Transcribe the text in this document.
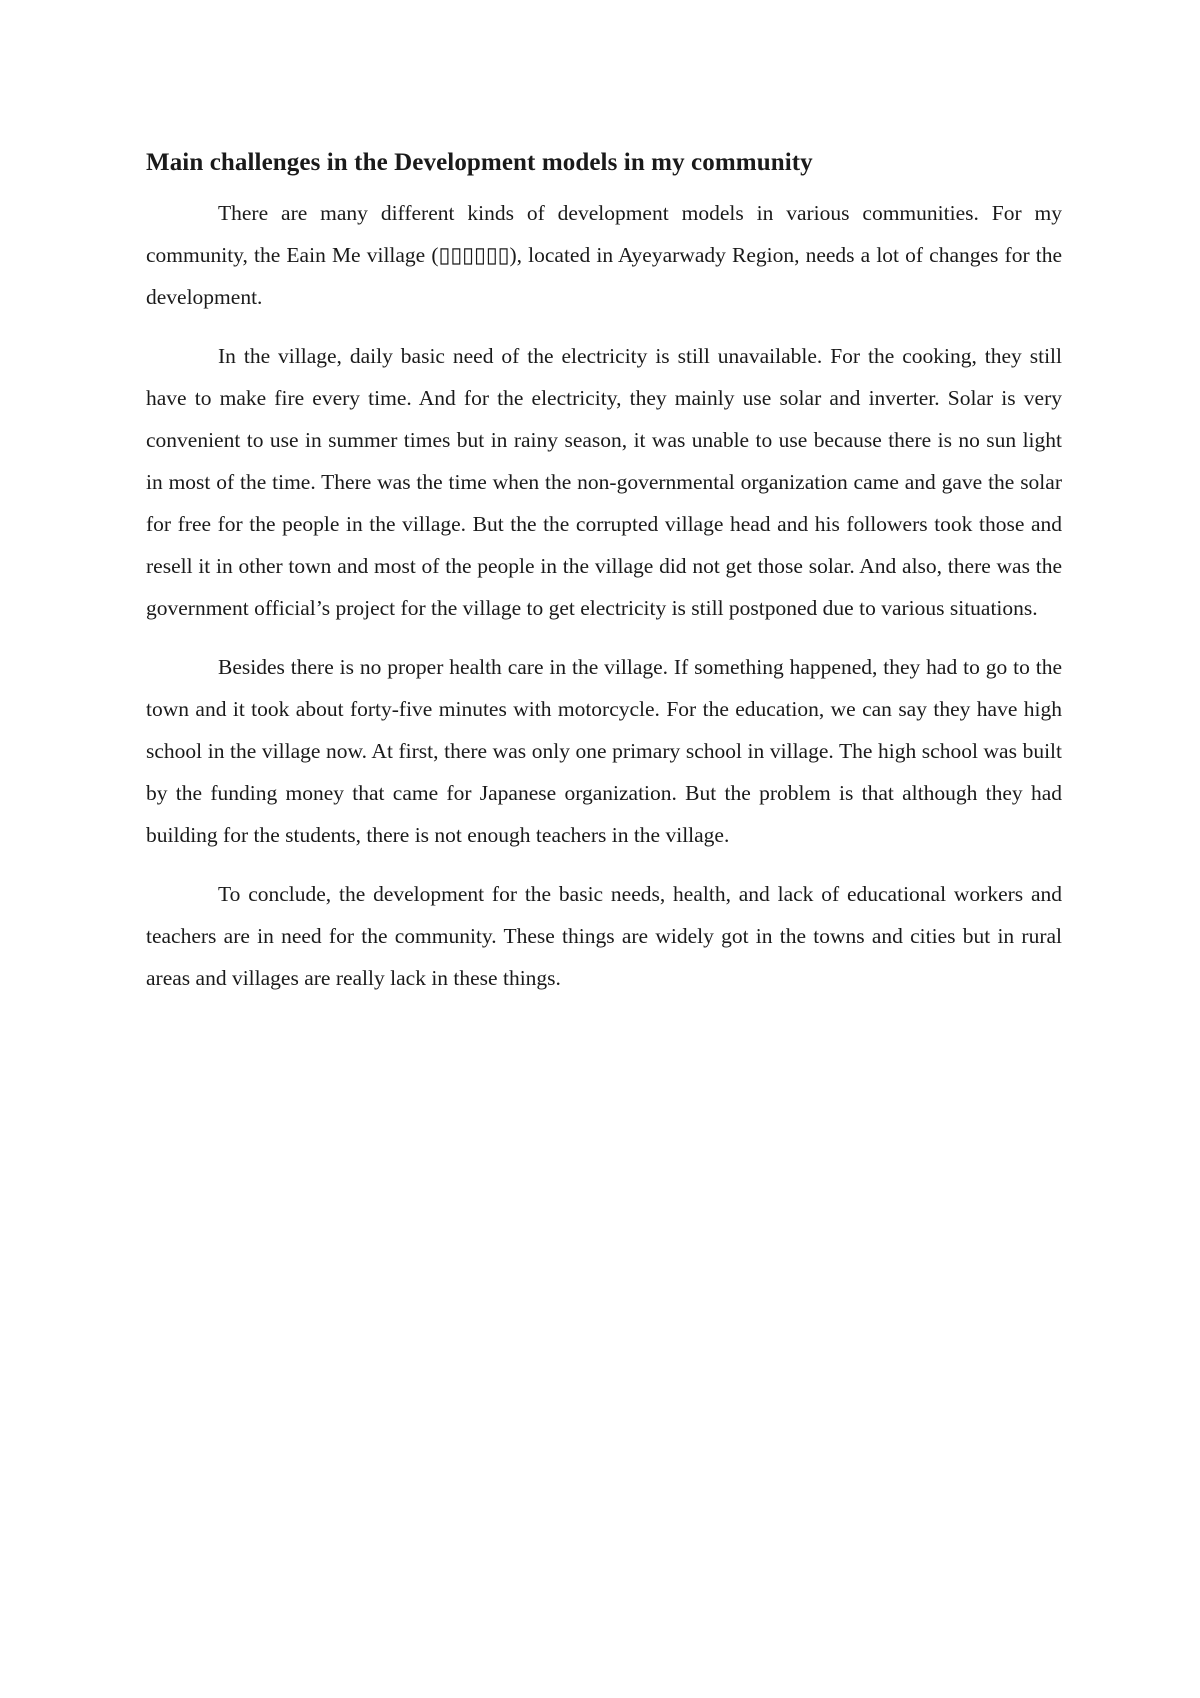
Main challenges in the Development models in my community

There are many different kinds of development models in various communities. For my community, the Eain Me village (▯▯▯▯▯▯), located in Ayeyarwady Region, needs a lot of changes for the development.

In the village, daily basic need of the electricity is still unavailable. For the cooking, they still have to make fire every time. And for the electricity, they mainly use solar and inverter. Solar is very convenient to use in summer times but in rainy season, it was unable to use because there is no sun light in most of the time. There was the time when the non-governmental organization came and gave the solar for free for the people in the village. But the the corrupted village head and his followers took those and resell it in other town and most of the people in the village did not get those solar. And also, there was the government official’s project for the village to get electricity is still postponed due to various situations.

Besides there is no proper health care in the village. If something happened, they had to go to the town and it took about forty-five minutes with motorcycle. For the education, we can say they have high school in the village now. At first, there was only one primary school in village. The high school was built by the funding money that came for Japanese organization. But the problem is that although they had building for the students, there is not enough teachers in the village.

To conclude, the development for the basic needs, health, and lack of educational workers and teachers are in need for the community. These things are widely got in the towns and cities but in rural areas and villages are really lack in these things.
